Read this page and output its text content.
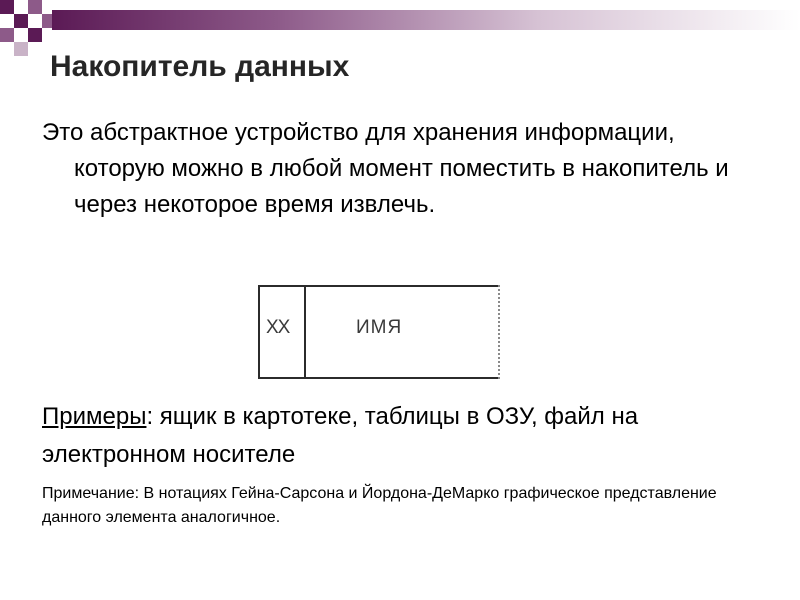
Накопитель данных
Это абстрактное устройство для хранения информации, которую можно в любой момент поместить в накопитель и через некоторое время извлечь.
ХХ	ИМЯ
Примеры: ящик в картотеке, таблицы в ОЗУ, файл на электронном носителе
Примечание: В нотациях Гейна-Сарсона и Йордона-ДеМарко графическое представление данного элемента аналогичное.
